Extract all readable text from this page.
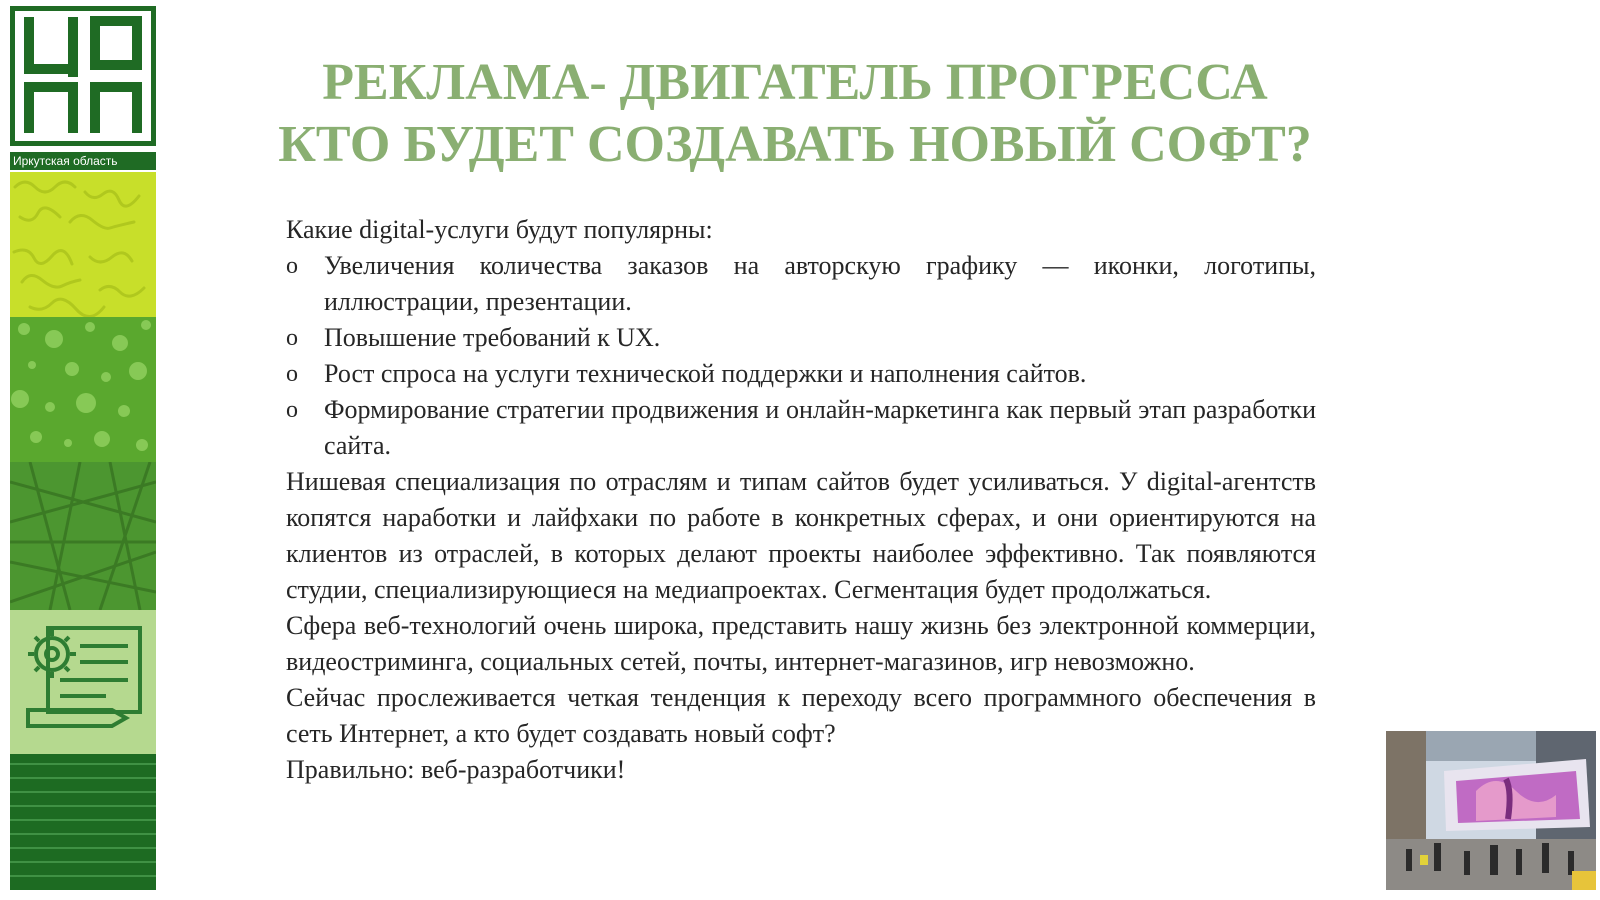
Иркутская область
РЕКЛАМА- ДВИГАТЕЛЬ ПРОГРЕССА
КТО БУДЕТ СОЗДАВАТЬ НОВЫЙ СОФТ?

Какие digital-услуги будут популярны:

o Увеличения количества заказов на авторскую графику — иконки, логотипы, иллюстрации, презентации.
o Повышение требований к UX.
o Рост спроса на услуги технической поддержки и наполнения сайтов.
o Формирование стратегии продвижения и онлайн-маркетинга как первый этап разработки сайта.

Нишевая специализация по отраслям и типам сайтов будет усиливаться. У digital-агентств копятся наработки и лайфхаки по работе в конкретных сферах, и они ориентируются на клиентов из отраслей, в которых делают проекты наиболее эффективно. Так появляются студии, специализирующиеся на медиапроектах. Сегментация будет продолжаться.

Сфера веб-технологий очень широка, представить нашу жизнь без электронной коммерции, видеостриминга, социальных сетей, почты, интернет-магазинов, игр невозможно.

Сейчас прослеживается четкая тенденция к переходу всего программного обеспечения в сеть Интернет, а кто будет создавать новый софт?

Правильно: веб-разработчики!
